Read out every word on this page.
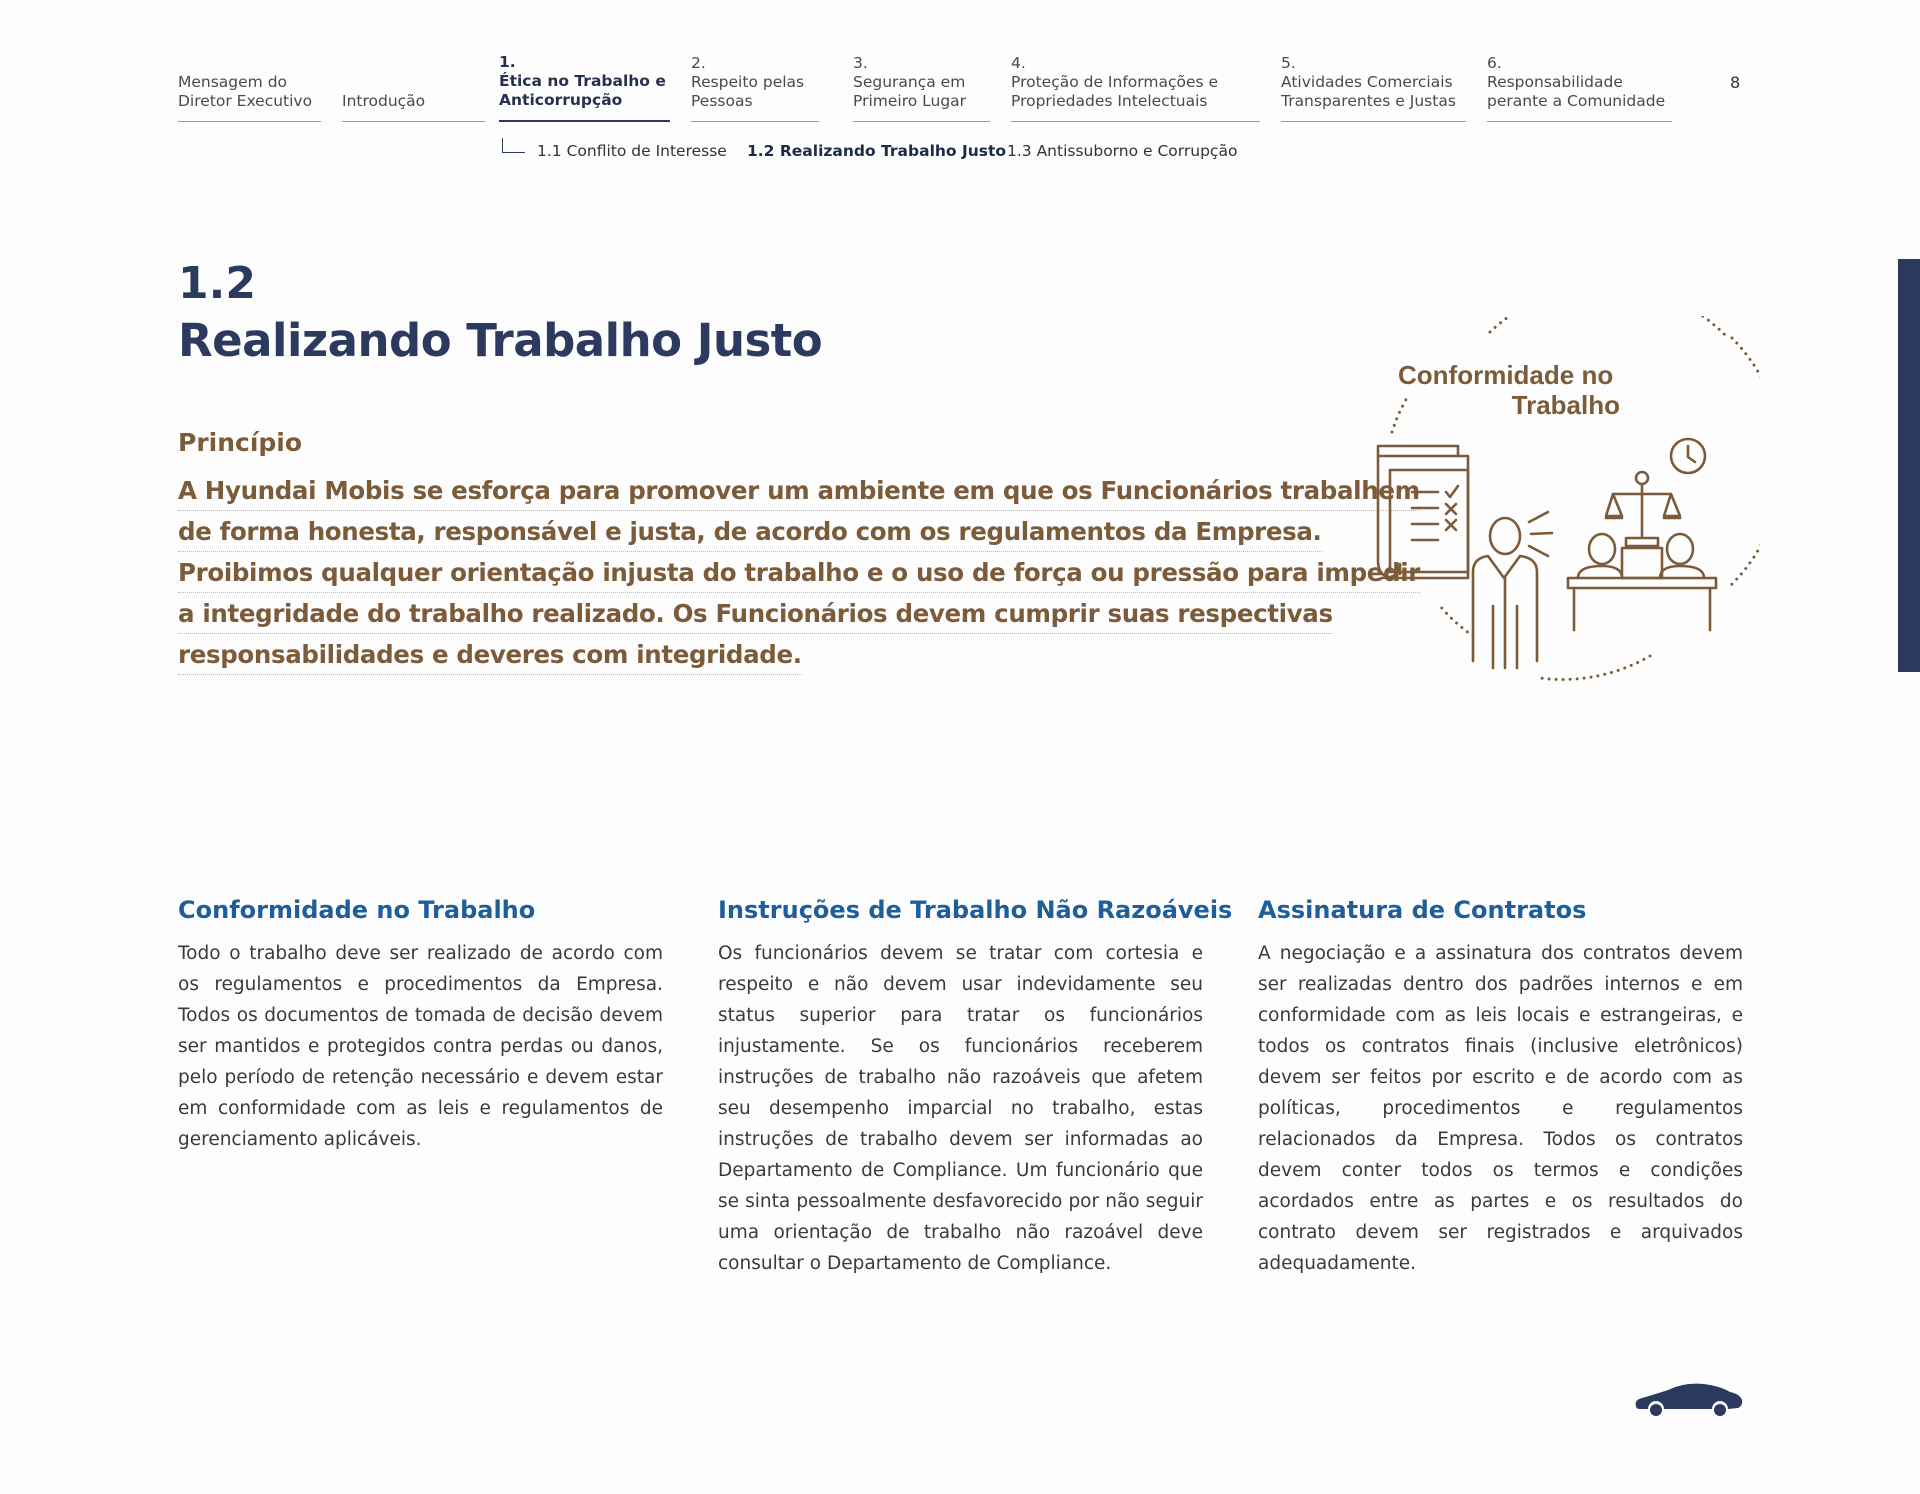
Mensagem do
Diretor Executivo	Introdução
1.
Ética no Trabalho e
Anticorrupção
2.
Respeito pelas
Pessoas
3.
Segurança em
Primeiro Lugar
4.
Proteção de Informações e
Propriedades Intelectuais
5.
Atividades Comerciais
Transparentes e Justas
6.
Responsabilidade
perante a Comunidade
8
1.1 Conflito de Interesse 1.2 Realizando Trabalho Justo 1.3 Antissuborno e Corrupção
1.2
Realizando Trabalho Justo
Princípio
A Hyundai Mobis se esforça para promover um ambiente em que os Funcionários trabalhem
de forma honesta, responsável e justa, de acordo com os regulamentos da Empresa.
Proibimos qualquer orientação injusta do trabalho e o uso de força ou pressão para impedir
a integridade do trabalho realizado. Os Funcionários devem cumprir suas respectivas
responsabilidades e deveres com integridade.
Conformidade no
Trabalho
Conformidade no Trabalho

Todo o trabalho deve ser realizado de acordo com os regulamentos e procedimentos da Empresa. Todos os documentos de tomada de decisão devem ser mantidos e protegidos contra perdas ou danos, pelo período de retenção necessário e devem estar em conformidade com as leis e regulamentos de gerenciamento aplicáveis.

Instruções de Trabalho Não Razoáveis

Os funcionários devem se tratar com cortesia e respeito e não devem usar indevidamente seu status superior para tratar os funcionários injustamente. Se os funcionários receberem instruções de trabalho não razoáveis que afetem seu desempenho imparcial no trabalho, estas instruções de trabalho devem ser informadas ao Departamento de Compliance. Um funcionário que se sinta pessoalmente desfavorecido por não seguir uma orientação de trabalho não razoável deve consultar o Departamento de Compliance.

Assinatura de Contratos

A negociação e a assinatura dos contratos devem ser realizadas dentro dos padrões internos e em conformidade com as leis locais e estrangeiras, e todos os contratos finais (inclusive eletrônicos) devem ser feitos por escrito e de acordo com as políticas, procedimentos e regulamentos relacionados da Empresa. Todos os contratos devem conter todos os termos e condições acordados entre as partes e os resultados do contrato devem ser registrados e arquivados adequadamente.
